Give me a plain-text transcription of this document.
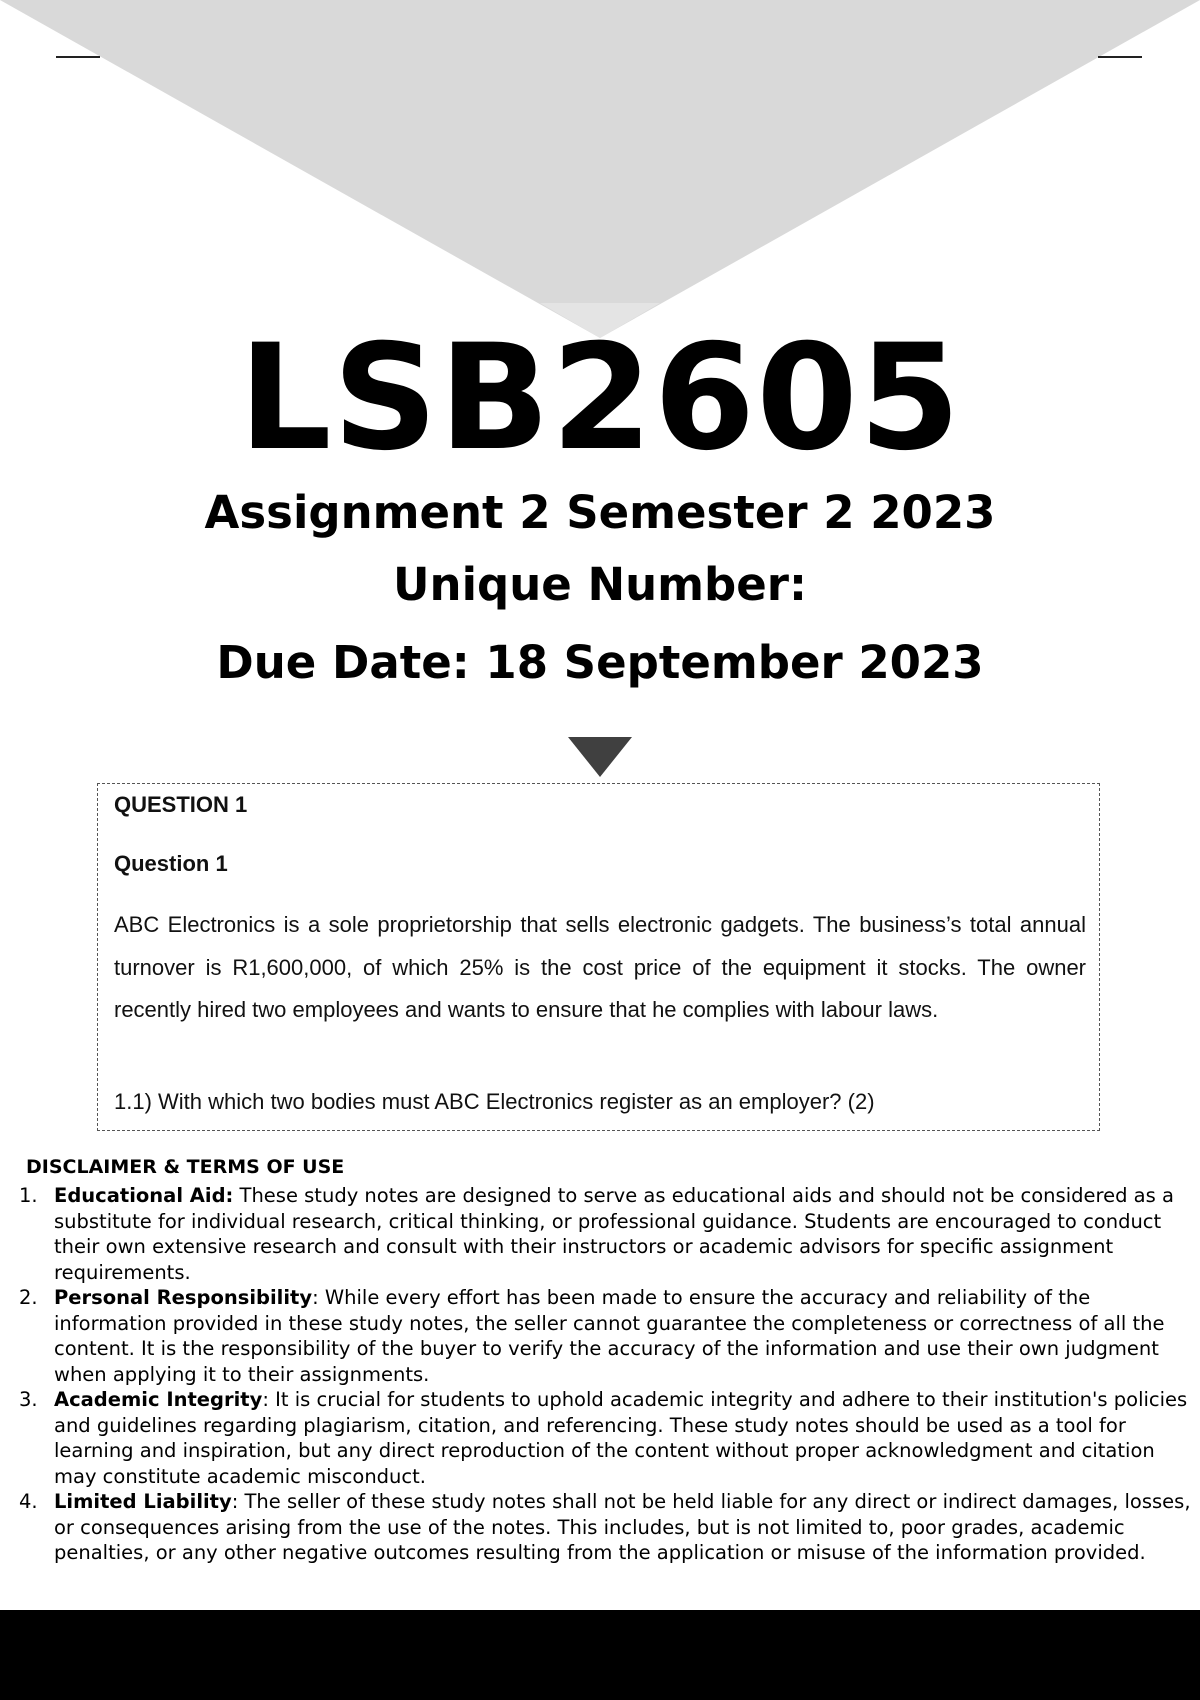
LSB2605
Assignment 2 Semester 2 2023
Unique Number:
Due Date: 18 September 2023
QUESTION 1
Question 1
ABC Electronics is a sole proprietorship that sells electronic gadgets. The business’s total annual turnover is R1,600,000, of which 25% is the cost price of the equipment it stocks. The owner recently hired two employees and wants to ensure that he complies with labour laws.
1.1) With which two bodies must ABC Electronics register as an employer? (2)
DISCLAIMER & TERMS OF USE
1. Educational Aid: These study notes are designed to serve as educational aids and should not be considered as a substitute for individual research, critical thinking, or professional guidance. Students are encouraged to conduct their own extensive research and consult with their instructors or academic advisors for specific assignment requirements.
2. Personal Responsibility: While every effort has been made to ensure the accuracy and reliability of the information provided in these study notes, the seller cannot guarantee the completeness or correctness of all the content. It is the responsibility of the buyer to verify the accuracy of the information and use their own judgment when applying it to their assignments.
3. Academic Integrity: It is crucial for students to uphold academic integrity and adhere to their institution's policies and guidelines regarding plagiarism, citation, and referencing. These study notes should be used as a tool for learning and inspiration, but any direct reproduction of the content without proper acknowledgment and citation may constitute academic misconduct.
4. Limited Liability: The seller of these study notes shall not be held liable for any direct or indirect damages, losses, or consequences arising from the use of the notes. This includes, but is not limited to, poor grades, academic penalties, or any other negative outcomes resulting from the application or misuse of the information provided.
